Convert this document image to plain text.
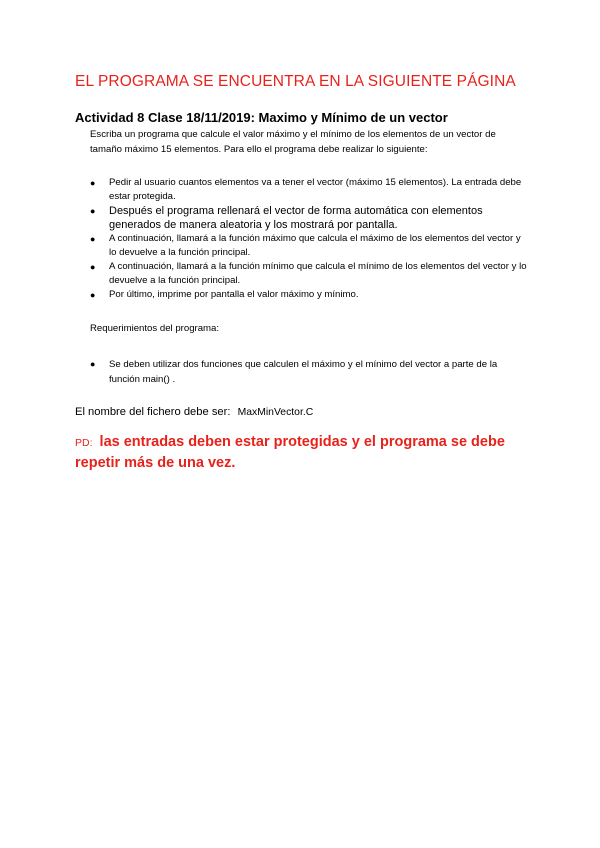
EL PROGRAMA SE ENCUENTRA EN LA SIGUIENTE PÁGINA
Actividad 8 Clase 18/11/2019: Maximo y Mínimo de un vector
Escriba un programa que calcule el valor máximo y el mínimo de los elementos de un vector de tamaño máximo 15 elementos. Para ello el programa debe realizar lo siguiente:
● Pedir al usuario cuantos elementos va a tener el vector (máximo 15 elementos). La entrada debe estar protegida.
● Después el programa rellenará el vector de forma automática con elementos generados de manera aleatoria y los mostrará por pantalla.
● A continuación, llamará a la función máximo que calcula el máximo de los elementos del vector y lo devuelve a la función principal.
● A continuación, llamará a la función mínimo que calcula el mínimo de los elementos del vector y lo devuelve a la función principal.
● Por último, imprime por pantalla el valor máximo y mínimo.
Requerimientos del programa:
● Se deben utilizar dos funciones que calculen el máximo y el mínimo del vector a parte de la función main() .
El nombre del fichero debe ser: MaxMinVector.C
PD: las entradas deben estar protegidas y el programa se debe repetir más de una vez.
